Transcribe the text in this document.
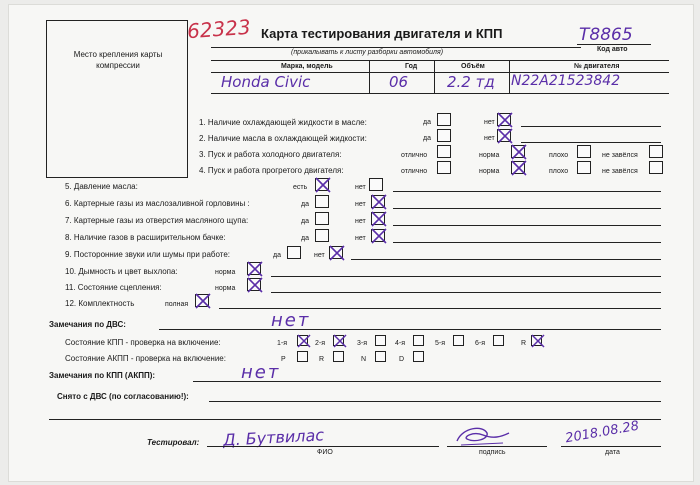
Место крепления карты компрессии
62323 Карта тестирования двигателя и КПП
(прикалывать к листу разборки автомобиля)
T8865
Код авто
Марка, модель	Год	Объём	№ двигателя
Honda Civic	06	2.2 тд N22A21523842
1. Наличие охлаждающей жидкости в масле:	да	нет
2. Наличие масла в охлаждающей жидкости:	да	нет
3. Пуск и работа холодного двигателя:	отлично	норма	плохо	не завёлся
4. Пуск и работа прогретого двигателя:	отлично	норма	плохо	не завёлся
5. Давление масла:	есть	нет
6. Картерные газы из маслозаливной горловины :	да	нет
7. Картерные газы из отверстия масляного щупа:	да	нет
8. Наличие газов в расширительном бачке:	да	нет
9. Посторонние звуки или шумы при работе:	да	нет
10. Дымность и цвет выхлопа:	норма
11. Состояние сцепления:	норма
12. Комплектность	полная
Замечания по ДВС:	нет
Состояние КПП - проверка на включение:	1-я	2-я	3-я	4-я	5-я	6-я	R
Состояние АКПП - проверка на включение:	P	R	N	D
Замечания по КПП (АКПП):	нет
Снято с ДВС (по согласованию!):
Тестировал: Д. Бутвилас
ФИО	подпись
2018.08.28
дата
